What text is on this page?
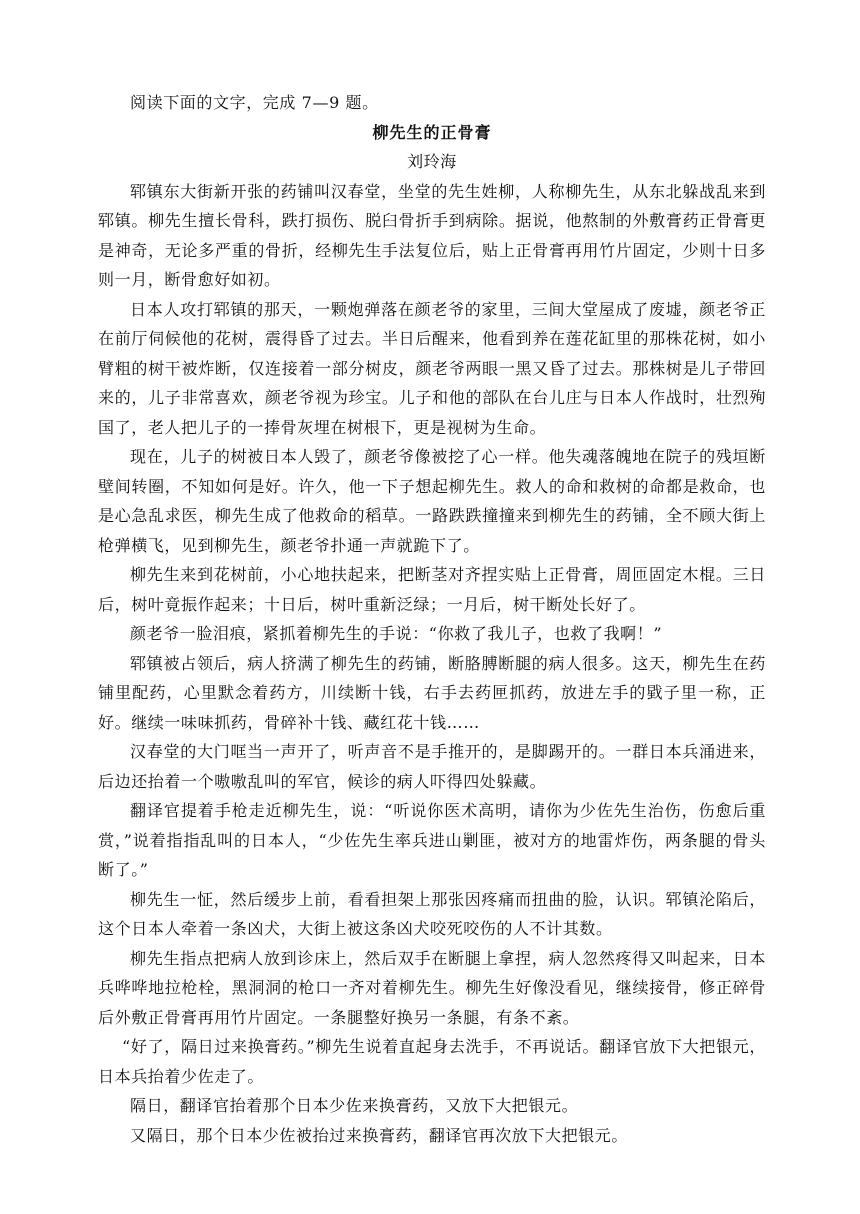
阅读下面的文字，完成 7—9 题。

柳先生的正骨膏

刘玲海

郓镇东大街新开张的药铺叫汉春堂，坐堂的先生姓柳，人称柳先生，从东北躲战乱来到郓镇。柳先生擅长骨科，跌打损伤、脱臼骨折手到病除。据说，他熬制的外敷膏药正骨膏更是神奇，无论多严重的骨折，经柳先生手法复位后，贴上正骨膏再用竹片固定，少则十日多则一月，断骨愈好如初。

日本人攻打郓镇的那天，一颗炮弹落在颜老爷的家里，三间大堂屋成了废墟，颜老爷正在前厅伺候他的花树，震得昏了过去。半日后醒来，他看到养在莲花缸里的那株花树，如小臂粗的树干被炸断，仅连接着一部分树皮，颜老爷两眼一黑又昏了过去。那株树是儿子带回来的，儿子非常喜欢，颜老爷视为珍宝。儿子和他的部队在台儿庄与日本人作战时，壮烈殉国了，老人把儿子的一捧骨灰埋在树根下，更是视树为生命。

现在，儿子的树被日本人毁了，颜老爷像被挖了心一样。他失魂落魄地在院子的残垣断壁间转圈，不知如何是好。许久，他一下子想起柳先生。救人的命和救树的命都是救命，也是心急乱求医，柳先生成了他救命的稻草。一路跌跌撞撞来到柳先生的药铺，全不顾大街上枪弹横飞，见到柳先生，颜老爷扑通一声就跪下了。

柳先生来到花树前，小心地扶起来，把断茎对齐捏实贴上正骨膏，周匝固定木棍。三日后，树叶竟振作起来；十日后，树叶重新泛绿；一月后，树干断处长好了。

颜老爷一脸泪痕，紧抓着柳先生的手说：“你救了我儿子，也救了我啊！”

郓镇被占领后，病人挤满了柳先生的药铺，断胳膊断腿的病人很多。这天，柳先生在药铺里配药，心里默念着药方，川续断十钱，右手去药匣抓药，放进左手的戥子里一称，正好。继续一味味抓药，骨碎补十钱、藏红花十钱……

汉春堂的大门哐当一声开了，听声音不是手推开的，是脚踢开的。一群日本兵涌进来，后边还抬着一个嗷嗷乱叫的军官，候诊的病人吓得四处躲藏。

翻译官提着手枪走近柳先生，说：“听说你医术高明，请你为少佐先生治伤，伤愈后重赏，”说着指指乱叫的日本人，“少佐先生率兵进山剿匪，被对方的地雷炸伤，两条腿的骨头断了。”

柳先生一怔，然后缓步上前，看看担架上那张因疼痛而扭曲的脸，认识。郓镇沦陷后，这个日本人牵着一条凶犬，大街上被这条凶犬咬死咬伤的人不计其数。

柳先生指点把病人放到诊床上，然后双手在断腿上拿捏，病人忽然疼得又叫起来，日本兵哗哗地拉枪栓，黑洞洞的枪口一齐对着柳先生。柳先生好像没看见，继续接骨，修正碎骨后外敷正骨膏再用竹片固定。一条腿整好换另一条腿，有条不紊。

“好了，隔日过来换膏药。”柳先生说着直起身去洗手，不再说话。翻译官放下大把银元，日本兵抬着少佐走了。

隔日，翻译官抬着那个日本少佐来换膏药，又放下大把银元。

又隔日，那个日本少佐被抬过来换膏药，翻译官再次放下大把银元。
